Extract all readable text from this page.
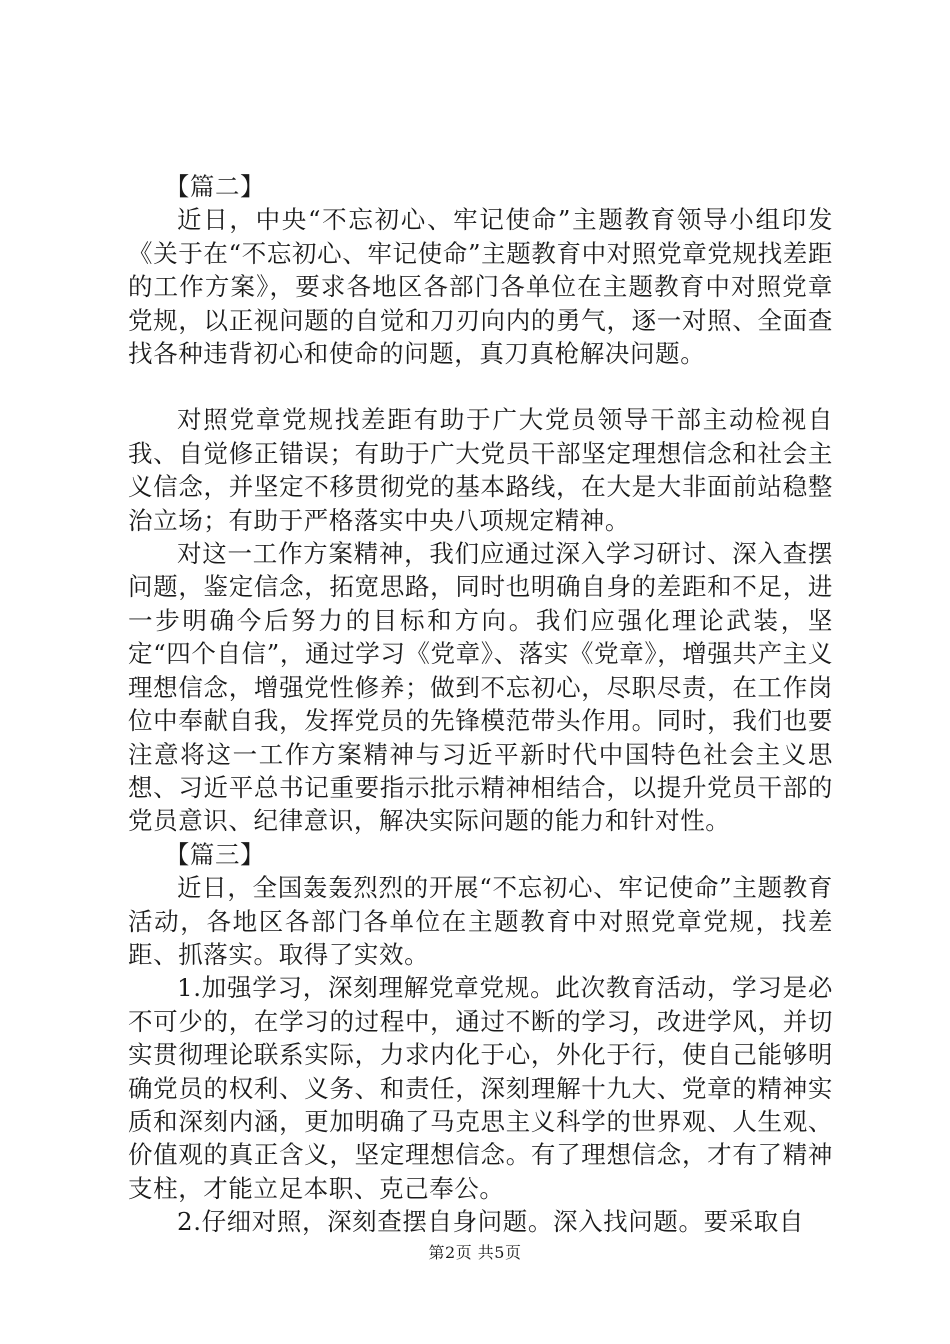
【篇二】

近日，中央“不忘初心、牢记使命”主题教育领导小组印发《关于在“不忘初心、牢记使命”主题教育中对照党章党规找差距的工作方案》，要求各地区各部门各单位在主题教育中对照党章党规，以正视问题的自觉和刀刃向内的勇气，逐一对照、全面查找各种违背初心和使命的问题，真刀真枪解决问题。

对照党章党规找差距有助于广大党员领导干部主动检视自我、自觉修正错误；有助于广大党员干部坚定理想信念和社会主义信念，并坚定不移贯彻党的基本路线，在大是大非面前站稳整治立场；有助于严格落实中央八项规定精神。

对这一工作方案精神，我们应通过深入学习研讨、深入查摆问题，鉴定信念，拓宽思路，同时也明确自身的差距和不足，进一步明确今后努力的目标和方向。我们应强化理论武装，坚定“四个自信”，通过学习《党章》、落实《党章》，增强共产主义理想信念，增强党性修养；做到不忘初心，尽职尽责，在工作岗位中奉献自我，发挥党员的先锋模范带头作用。同时，我们也要注意将这一工作方案精神与习近平新时代中国特色社会主义思想、习近平总书记重要指示批示精神相结合，以提升党员干部的党员意识、纪律意识，解决实际问题的能力和针对性。

【篇三】

近日，全国轰轰烈烈的开展“不忘初心、牢记使命”主题教育活动，各地区各部门各单位在主题教育中对照党章党规，找差距、抓落实。取得了实效。

1.加强学习，深刻理解党章党规。此次教育活动，学习是必不可少的，在学习的过程中，通过不断的学习，改进学风，并切实贯彻理论联系实际，力求内化于心，外化于行，使自己能够明确党员的权利、义务、和责任，深刻理解十九大、党章的精神实质和深刻内涵，更加明确了马克思主义科学的世界观、人生观、价值观的真正含义，坚定理想信念。有了理想信念，才有了精神支柱，才能立足本职、克己奉公。

2.仔细对照，深刻查摆自身问题。深入找问题。要采取自

第2页 共5页
